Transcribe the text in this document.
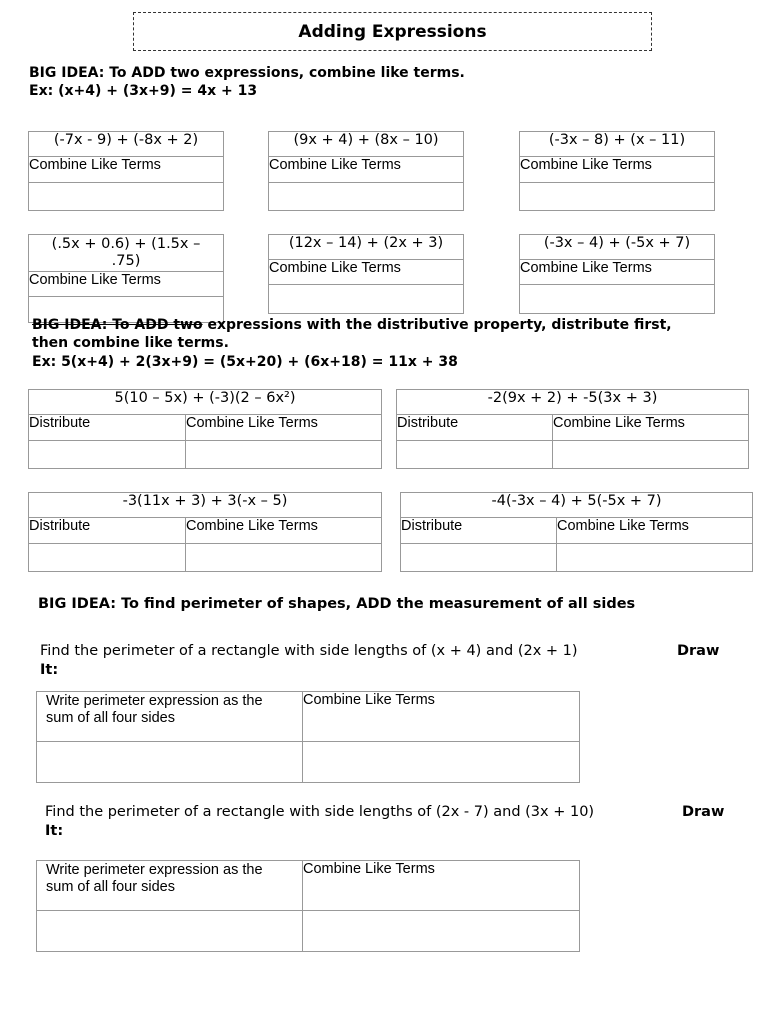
Adding Expressions
BIG IDEA: To ADD two expressions, combine like terms.
Ex: (x+4) + (3x+9) = 4x + 13
(-7x - 9) + (-8x + 2)
Combine Like Terms

(9x + 4) + (8x – 10)
Combine Like Terms

(-3x – 8) + (x – 11)
Combine Like Terms

(.5x + 0.6) + (1.5x – .75)
Combine Like Terms

(12x – 14) + (2x + 3)
Combine Like Terms

(-3x – 4) + (-5x + 7)
Combine Like Terms

BIG IDEA: To ADD two expressions with the distributive property, distribute first,
then combine like terms.
Ex: 5(x+4) + 2(3x+9) = (5x+20) + (6x+18) = 11x + 38
5(10 – 5x) + (-3)(2 – 6x²)	
Distribute	Combine Like Terms

-2(9x + 2) + -5(3x + 3)	
Distribute	Combine Like Terms

-3(11x + 3) + 3(-x – 5)	
Distribute	Combine Like Terms

-4(-3x – 4) + 5(-5x + 7)	
Distribute	Combine Like Terms

BIG IDEA: To find perimeter of shapes, ADD the measurement of all sides
Find the perimeter of a rectangle with side lengths of (x + 4) and (2x + 1)	Draw
It:
Write perimeter expression as the sum of all four sides	Combine Like Terms

Find the perimeter of a rectangle with side lengths of (2x - 7) and (3x + 10)	Draw
It:
Write perimeter expression as the sum of all four sides	Combine Like Terms
